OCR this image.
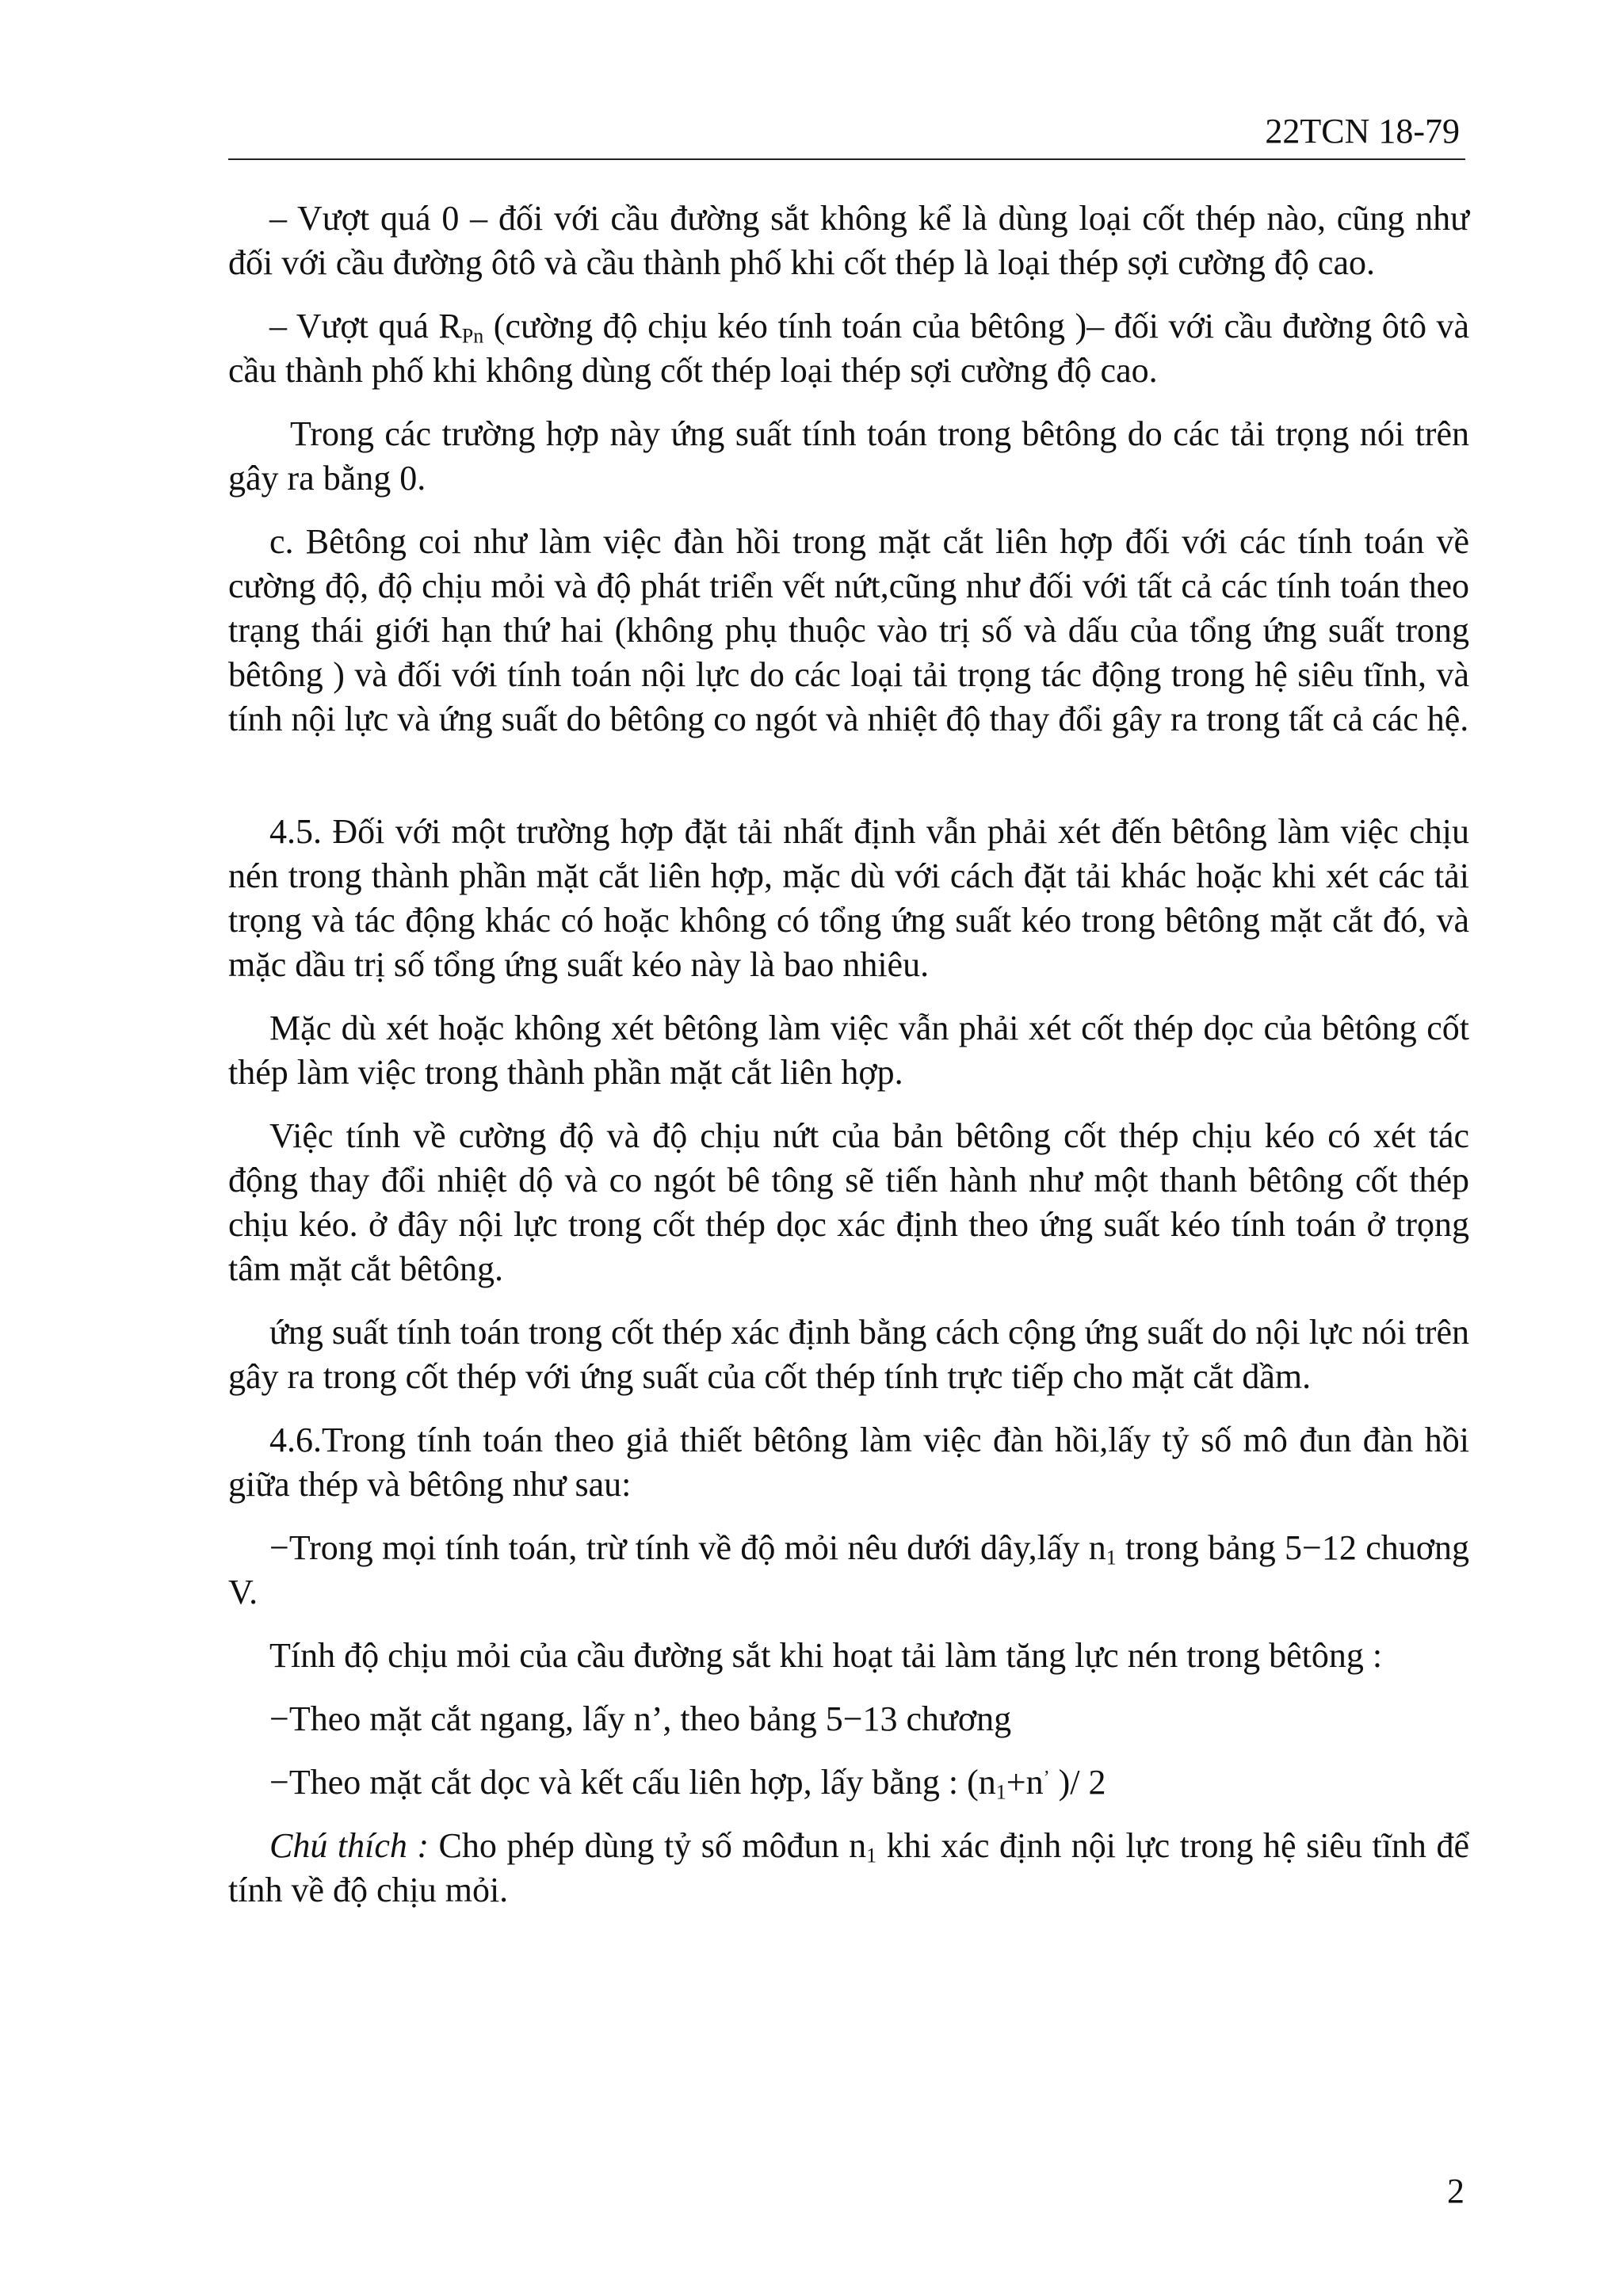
22TCN 18-79

– Vượt quá 0 – đối với cầu đường sắt không kể là dùng loại cốt thép nào, cũng như đối với cầu đường ôtô và cầu thành phố khi cốt thép là loại thép sợi cường độ cao.

– Vượt quá $R_{Pn}$ (cường độ chịu kéo tính toán của bêtông )– đối với cầu đường ôtô và cầu thành phố khi không dùng cốt thép loại thép sợi cường độ cao.

Trong các trường hợp này ứng suất tính toán trong bêtông do các tải trọng nói trên gây ra bằng 0.

c. Bêtông coi như làm việc đàn hồi trong mặt cắt liên hợp đối với các tính toán về cường độ, độ chịu mỏi và độ phát triển vết nứt,cũng như đối với tất cả các tính toán theo trạng thái giới hạn thứ hai (không phụ thuộc vào trị số và dấu của tổng ứng suất trong bêtông ) và đối với tính toán nội lực do các loại tải trọng tác động trong hệ siêu tĩnh, và tính nội lực và ứng suất do bêtông co ngót và nhiệt độ thay đổi gây ra trong tất cả các hệ.

4.5. Đối với một trường hợp đặt tải nhất định vẫn phải xét đến bêtông làm việc chịu nén trong thành phần mặt cắt liên hợp, mặc dù với cách đặt tải khác hoặc khi xét các tải trọng và tác động khác có hoặc không có tổng ứng suất kéo trong bêtông mặt cắt đó, và mặc dầu trị số tổng ứng suất kéo này là bao nhiêu.

Mặc dù xét hoặc không xét bêtông làm việc vẫn phải xét cốt thép dọc của bêtông cốt thép làm việc trong thành phần mặt cắt liên hợp.

Việc tính về cường độ và độ chịu nứt của bản bêtông cốt thép chịu kéo có xét tác động thay đổi nhiệt dộ và co ngót bê tông sẽ tiến hành như một thanh bêtông cốt thép chịu kéo. ở đây nội lực trong cốt thép dọc xác định theo ứng suất kéo tính toán ở trọng tâm mặt cắt bêtông.

ứng suất tính toán trong cốt thép xác định bằng cách cộng ứng suất do nội lực nói trên gây ra trong cốt thép với ứng suất của cốt thép tính trực tiếp cho mặt cắt dầm.

4.6.Trong tính toán theo giả thiết bêtông làm việc đàn hồi,lấy tỷ số mô đun đàn hồi giữa thép và bêtông như sau:

−Trong mọi tính toán, trừ tính về độ mỏi nêu dưới dây,lấy $n_1$ trong bảng 5−12 chuơng V.

Tính độ chịu mỏi của cầu đường sắt khi hoạt tải làm tăng lực nén trong bêtông :

−Theo mặt cắt ngang, lấy n’, theo bảng 5−13 chương

−Theo mặt cắt dọc và kết cấu liên hợp, lấy bằng : ($n_1+n^’$ )/ 2

Chú thích : Cho phép dùng tỷ số môđun $n_1$ khi xác định nội lực trong hệ siêu tĩnh để tính về độ chịu mỏi.

2
